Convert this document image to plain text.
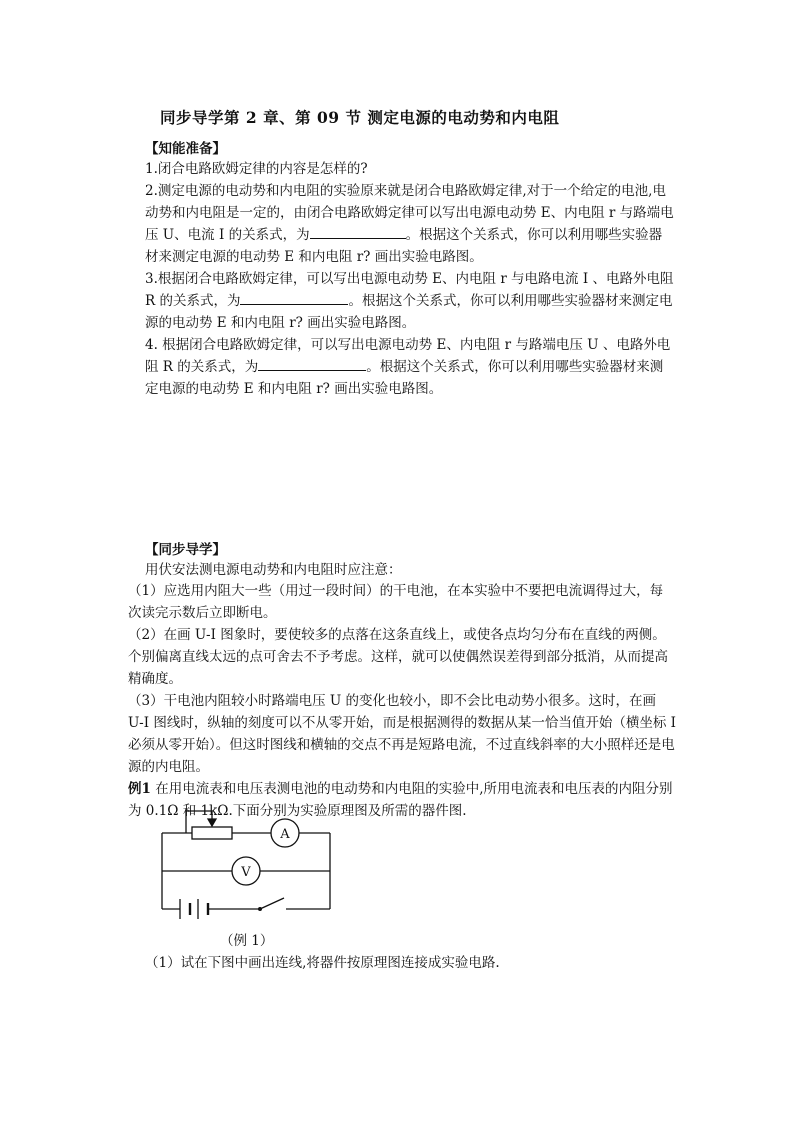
同步导学第 2 章、第 09 节 测定电源的电动势和内电阻
【知能准备】
1.闭合电路欧姆定律的内容是怎样的?
2.测定电源的电动势和内电阻的实验原来就是闭合电路欧姆定律,对于一个给定的电池,电动势和内电阻是一定的，由闭合电路欧姆定律可以写出电源电动势 E、内电阻 r 与路端电压 U、电流 I 的关系式，为	。根据这个关系式，你可以利用哪些实验器材来测定电源的电动势 E 和内电阻 r? 画出实验电路图。
3.根据闭合电路欧姆定律，可以写出电源电动势 E、内电阻 r 与电路电流 I 、电路外电阻 R 的关系式，为	。根据这个关系式，你可以利用哪些实验器材来测定电源的电动势 E 和内电阻 r? 画出实验电路图。
4. 根据闭合电路欧姆定律，可以写出电源电动势 E、内电阻 r 与路端电压 U 、电路外电阻 R 的关系式，为	。根据这个关系式，你可以利用哪些实验器材来测定电源的电动势 E 和内电阻 r? 画出实验电路图。
【同步导学】
用伏安法测电源电动势和内电阻时应注意：
（1）应选用内阻大一些（用过一段时间）的干电池，在本实验中不要把电流调得过大，每次读完示数后立即断电。
（2）在画 U-I 图象时，要使较多的点落在这条直线上，或使各点均匀分布在直线的两侧。个别偏离直线太远的点可舍去不予考虑。这样，就可以使偶然误差得到部分抵消，从而提高精确度。
（3）干电池内阻较小时路端电压 U 的变化也较小，即不会比电动势小很多。这时，在画 U-I 图线时，纵轴的刻度可以不从零开始，而是根据测得的数据从某一恰当值开始（横坐标 I 必须从零开始）。但这时图线和横轴的交点不再是短路电流，不过直线斜率的大小照样还是电源的内电阻。
例1 在用电流表和电压表测电池的电动势和内电阻的实验中,所用电流表和电压表的内阻分别为 0.1Ω 和 1kΩ.下面分别为实验原理图及所需的器件图.
A
V
（例 1）
（1）试在下图中画出连线,将器件按原理图连接成实验电路.
